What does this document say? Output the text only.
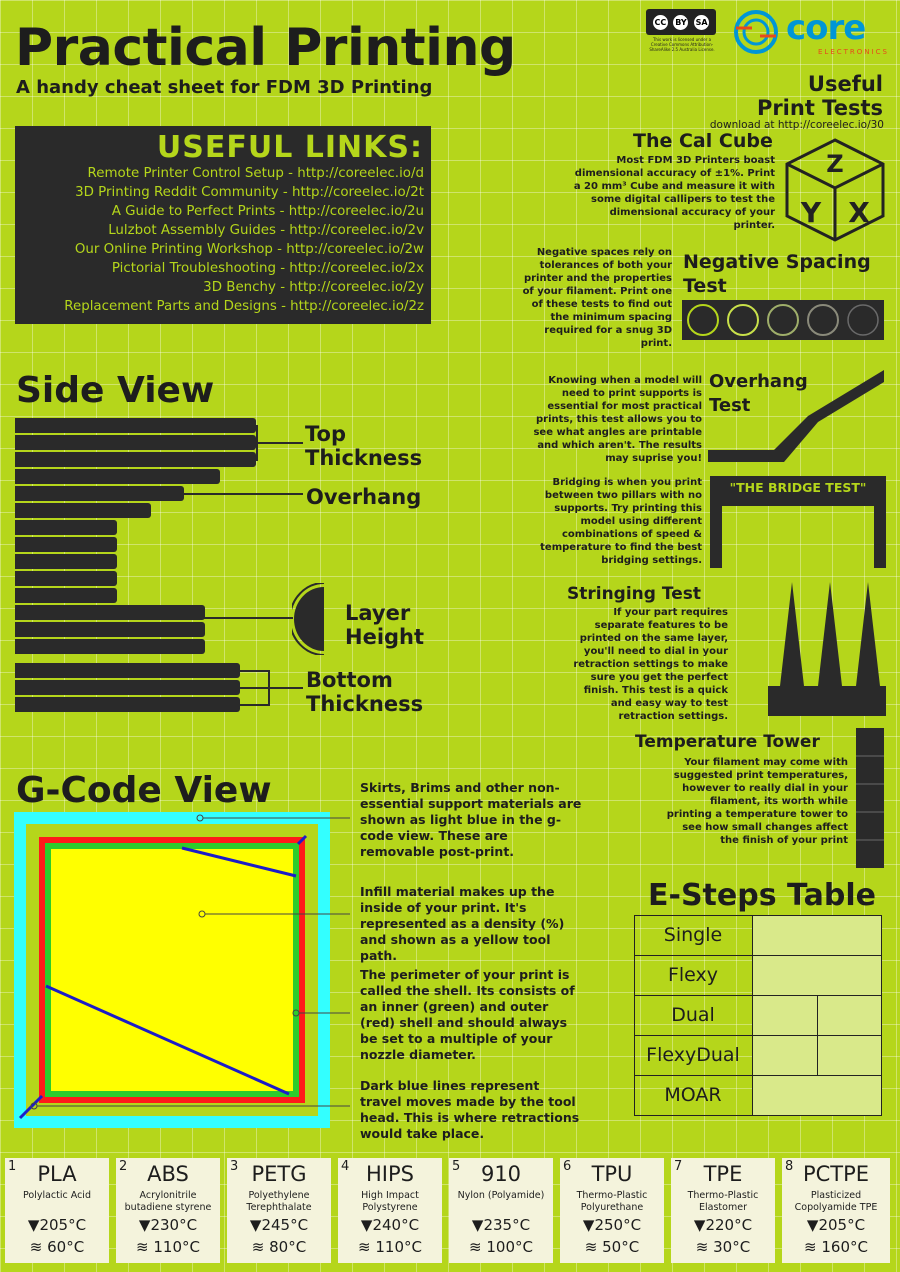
Practical Printing
A handy cheat sheet for FDM 3D Printing
CC BY SA
This work is licensed under a Creative Commons Attribution-ShareAlike 2.5 Australia License.
core
ELECTRONICS
USEFUL LINKS:
Remote Printer Control Setup - http://coreelec.io/d
3D Printing Reddit Community - http://coreelec.io/2t
A Guide to Perfect Prints - http://coreelec.io/2u
Lulzbot Assembly Guides - http://coreelec.io/2v
Our Online Printing Workshop - http://coreelec.io/2w
Pictorial Troubleshooting - http://coreelec.io/2x
3D Benchy - http://coreelec.io/2y
Replacement Parts and Designs - http://coreelec.io/2z
Side View
Top
Thickness
Overhang
Layer
Height
Bottom
Thickness
G-Code View	Skirts, Brims and other non-essential support materials are shown as light blue in the g-code view. These are removable post-print.
Infill material makes up the inside of your print. It's represented as a density (%) and shown as a yellow tool path.
The perimeter of your print is called the shell. Its consists of an inner (green) and outer (red) shell and should always be set to a multiple of your nozzle diameter.
Dark blue lines represent travel moves made by the tool head. This is where retractions would take place.
Useful
Print Tests
download at http://coreelec.io/30
The Cal Cube
Most FDM 3D Printers boast dimensional accuracy of ±1%. Print a 20 mm³ Cube and measure it with some digital callipers to test the dimensional accuracy of your printer.
Z
Y X
Negative spaces rely on tolerances of both your printer and the properties of your filament. Print one of these tests to find out the minimum spacing required for a snug 3D print.
Negative Spacing
Test
Knowing when a model will need to print supports is essential for most practical prints, this test allows you to see what angles are printable and which aren't. The results may suprise you!
Overhang
Test
Bridging is when you print between two pillars with no supports. Try printing this model using different combinations of speed & temperature to find the best bridging settings.
"THE BRIDGE TEST"
Stringing Test
If your part requires separate features to be printed on the same layer, you'll need to dial in your retraction settings to make sure you get the perfect finish. This test is a quick and easy way to test retraction settings.
Temperature Tower
Your filament may come with suggested print temperatures, however to really dial in your filament, its worth while printing a temperature tower to see how small changes affect the finish of your print
E-Steps Table
Single
Flexy
Dual
FlexyDual
MOAR
1	PLA
Polylactic Acid
▼205°C
≋ 60°C
2 ABS
Acrylonitrile butadiene styrene
▼230°C
≋ 110°C
3 PETG
Polyethylene Terephthalate
▼245°C
≋ 80°C
4 HIPS
High Impact Polystyrene
▼240°C
≋ 110°C
5 910
Nylon (Polyamide)
▼235°C
≋ 100°C
6 TPU
Thermo-Plastic Polyurethane
▼250°C
≋ 50°C
7	TPE
Thermo-Plastic Elastomer
▼220°C
≋ 30°C
8 PCTPE
Plasticized Copolyamide TPE
▼205°C
≋ 160°C
